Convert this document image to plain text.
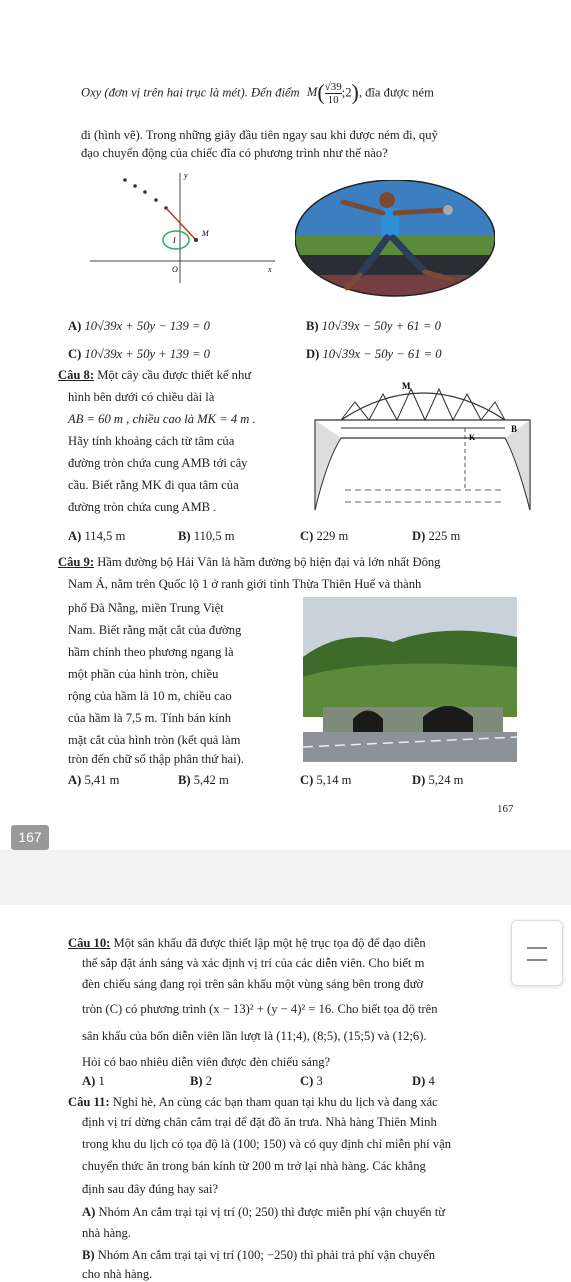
Oxy (đơn vị trên hai trục là mét). Đến điểm $M( \frac{√39}{10}$ ;2), đĩa được ném
đi (hình vẽ). Trong những giây đầu tiên ngay sau khi được ném đi, quỹ
đạo chuyển động của chiếc đĩa có phương trình như thế nào?
M
I
O	x
y
A) 10√39x + 50y − 139 = 0	B) 10√39x − 50y + 61 = 0
C) 10√39x + 50y + 139 = 0	D) 10√39x − 50y − 61 = 0
Câu 8: Một cây cầu được thiết kế như
hình bên dưới có chiều dài là
AB = 60 m , chiều cao là MK = 4 m .
Hãy tính khoảng cách từ tâm của
đường tròn chứa cung AMB tới cây
cầu. Biết rằng MK đi qua tâm của
đường tròn chứa cung AMB .
M
B
K
A) 114,5 m	B) 110,5 m	C) 229 m	D) 225 m
Câu 9: Hầm đường bộ Hải Vân là hầm đường bộ hiện đại và lớn nhất Đông
Nam Á, nằm trên Quốc lộ 1 ở ranh giới tỉnh Thừa Thiên Huế và thành
phố Đà Nẵng, miền Trung Việt
Nam. Biết rằng mặt cắt của đường
hầm chính theo phương ngang là
một phần của hình tròn, chiều
rộng của hầm là 10 m, chiều cao
của hầm là 7,5 m. Tính bán kính
mặt cắt của hình tròn (kết quả làm
tròn đến chữ số thập phân thứ hai).
A) 5,41 m	B) 5,42 m	C) 5,14 m	D) 5,24 m
167
167
Câu 10: Một sân khấu đã được thiết lập một hệ trục tọa độ để đạo diễn
thể sắp đặt ánh sáng và xác định vị trí của các diễn viên. Cho biết m
đèn chiếu sáng đang rọi trên sân khấu một vùng sáng bên trong đườ
tròn (C) có phương trình (x − 13)² + (y − 4)² = 16. Cho biết tọa độ trên
sân khấu của bốn diễn viên lần lượt là (11;4), (8;5), (15;5) và (12;6).
Hỏi có bao nhiêu diễn viên được đèn chiếu sáng?
A) 1	B) 2	C) 3	D) 4
Câu 11: Nghỉ hè, An cùng các bạn tham quan tại khu du lịch và đang xác
định vị trí dừng chân cắm trại để đặt đồ ăn trưa. Nhà hàng Thiên Minh
trong khu du lịch có tọa độ là (100; 150) và có quy định chỉ miễn phí vận
chuyển thức ăn trong bán kính từ 200 m trở lại nhà hàng. Các khẳng
định sau đây đúng hay sai?
A) Nhóm An cắm trại tại vị trí (0; 250) thì được miễn phí vận chuyển từ
nhà hàng.
B) Nhóm An cắm trại tại vị trí (100; −250) thì phải trả phí vận chuyển
cho nhà hàng.
